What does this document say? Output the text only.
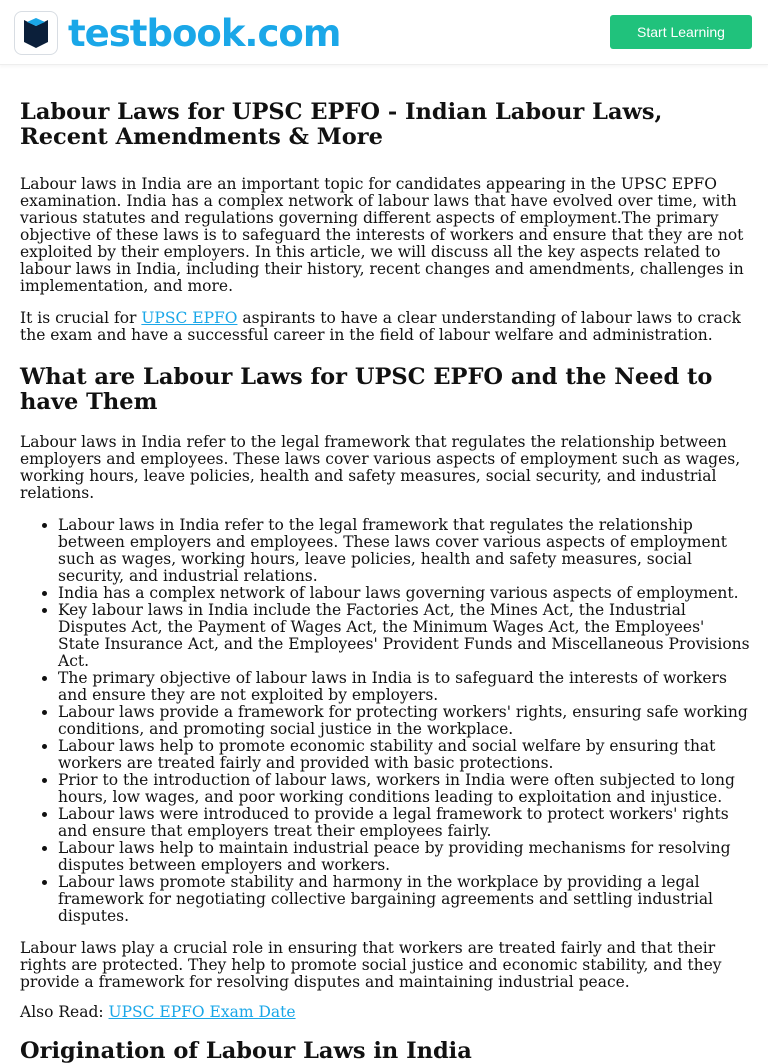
testbook.com	Start Learning
Labour Laws for UPSC EPFO - Indian Labour Laws, Recent Amendments & More

Labour laws in India are an important topic for candidates appearing in the UPSC EPFO examination. India has a complex network of labour laws that have evolved over time, with various statutes and regulations governing different aspects of employment.The primary objective of these laws is to safeguard the interests of workers and ensure that they are not exploited by their employers. In this article, we will discuss all the key aspects related to labour laws in India, including their history, recent changes and amendments, challenges in implementation, and more.

It is crucial for UPSC EPFO aspirants to have a clear understanding of labour laws to crack the exam and have a successful career in the field of labour welfare and administration.

What are Labour Laws for UPSC EPFO and the Need to have Them

Labour laws in India refer to the legal framework that regulates the relationship between employers and employees. These laws cover various aspects of employment such as wages, working hours, leave policies, health and safety measures, social security, and industrial relations.

• Labour laws in India refer to the legal framework that regulates the relationship between employers and employees. These laws cover various aspects of employment such as wages, working hours, leave policies, health and safety measures, social security, and industrial relations.
• India has a complex network of labour laws governing various aspects of employment.
• Key labour laws in India include the Factories Act, the Mines Act, the Industrial Disputes Act, the Payment of Wages Act, the Minimum Wages Act, the Employees' State Insurance Act, and the Employees' Provident Funds and Miscellaneous Provisions Act.
• The primary objective of labour laws in India is to safeguard the interests of workers and ensure they are not exploited by employers.
• Labour laws provide a framework for protecting workers' rights, ensuring safe working conditions, and promoting social justice in the workplace.
• Labour laws help to promote economic stability and social welfare by ensuring that workers are treated fairly and provided with basic protections.
• Prior to the introduction of labour laws, workers in India were often subjected to long hours, low wages, and poor working conditions leading to exploitation and injustice.
• Labour laws were introduced to provide a legal framework to protect workers' rights and ensure that employers treat their employees fairly.
• Labour laws help to maintain industrial peace by providing mechanisms for resolving disputes between employers and workers.
• Labour laws promote stability and harmony in the workplace by providing a legal framework for negotiating collective bargaining agreements and settling industrial disputes.

Labour laws play a crucial role in ensuring that workers are treated fairly and that their rights are protected. They help to promote social justice and economic stability, and they provide a framework for resolving disputes and maintaining industrial peace.

Also Read: UPSC EPFO Exam Date

Origination of Labour Laws in India
